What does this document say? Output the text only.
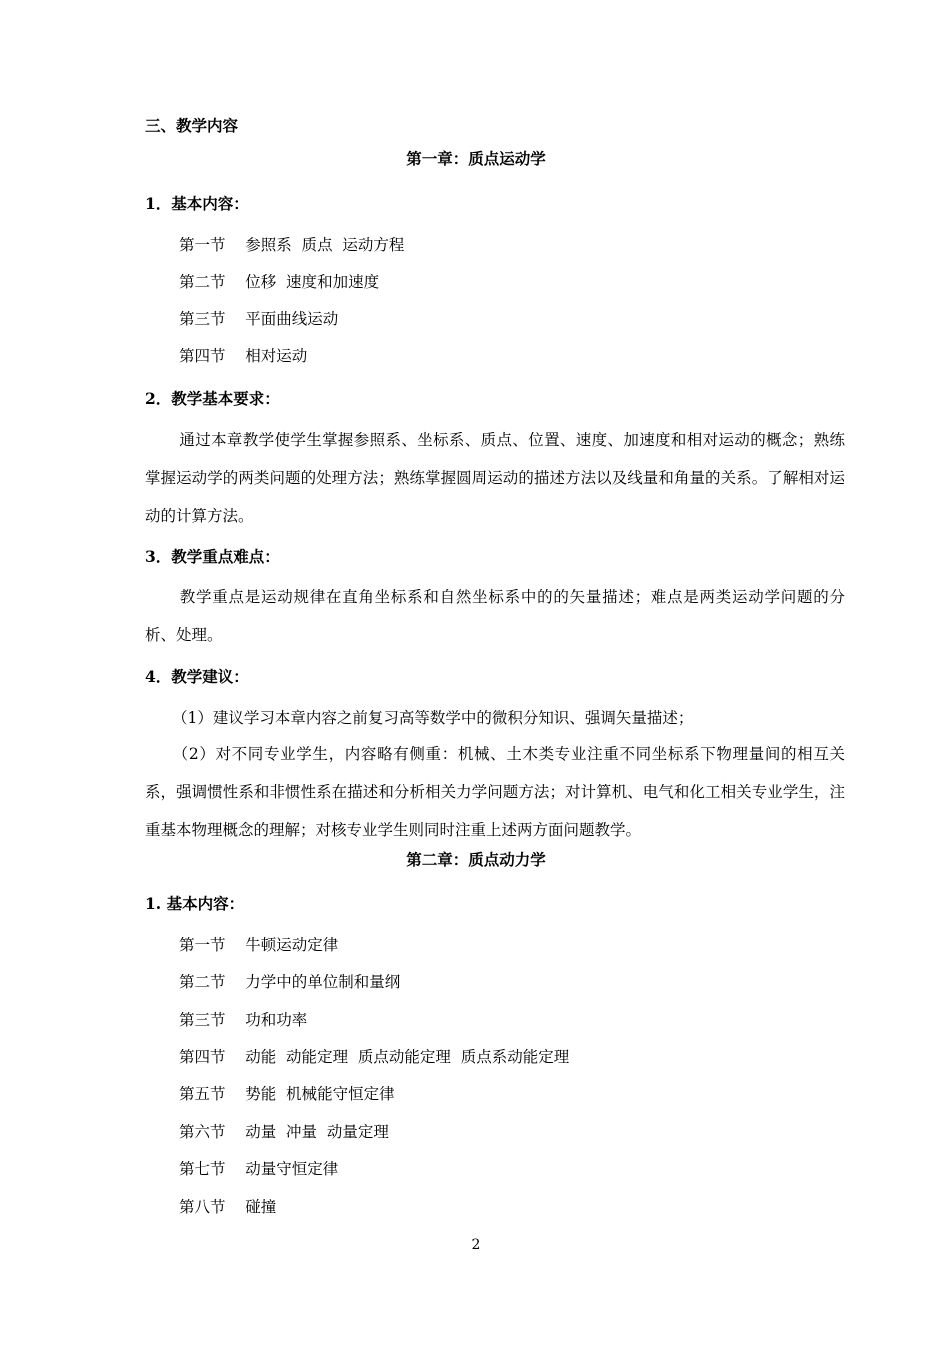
三、教学内容
第一章：质点运动学
1．基本内容：
第一节    参照系  质点  运动方程
第二节    位移  速度和加速度
第三节    平面曲线运动
第四节    相对运动
2．教学基本要求：
通过本章教学使学生掌握参照系、坐标系、质点、位置、速度、加速度和相对运动的概念；熟练掌握运动学的两类问题的处理方法；熟练掌握圆周运动的描述方法以及线量和角量的关系。了解相对运动的计算方法。
3．教学重点难点：
教学重点是运动规律在直角坐标系和自然坐标系中的的矢量描述；难点是两类运动学问题的分析、处理。
4．教学建议：
（1）建议学习本章内容之前复习高等数学中的微积分知识、强调矢量描述；
（2）对不同专业学生，内容略有侧重：机械、土木类专业注重不同坐标系下物理量间的相互关系，强调惯性系和非惯性系在描述和分析相关力学问题方法；对计算机、电气和化工相关专业学生，注重基本物理概念的理解；对核专业学生则同时注重上述两方面问题教学。
第二章：质点动力学
1. 基本内容：
第一节    牛顿运动定律
第二节    力学中的单位制和量纲
第三节    功和功率
第四节    动能  动能定理  质点动能定理  质点系动能定理
第五节    势能  机械能守恒定律
第六节    动量  冲量  动量定理
第七节    动量守恒定律
第八节    碰撞
2
